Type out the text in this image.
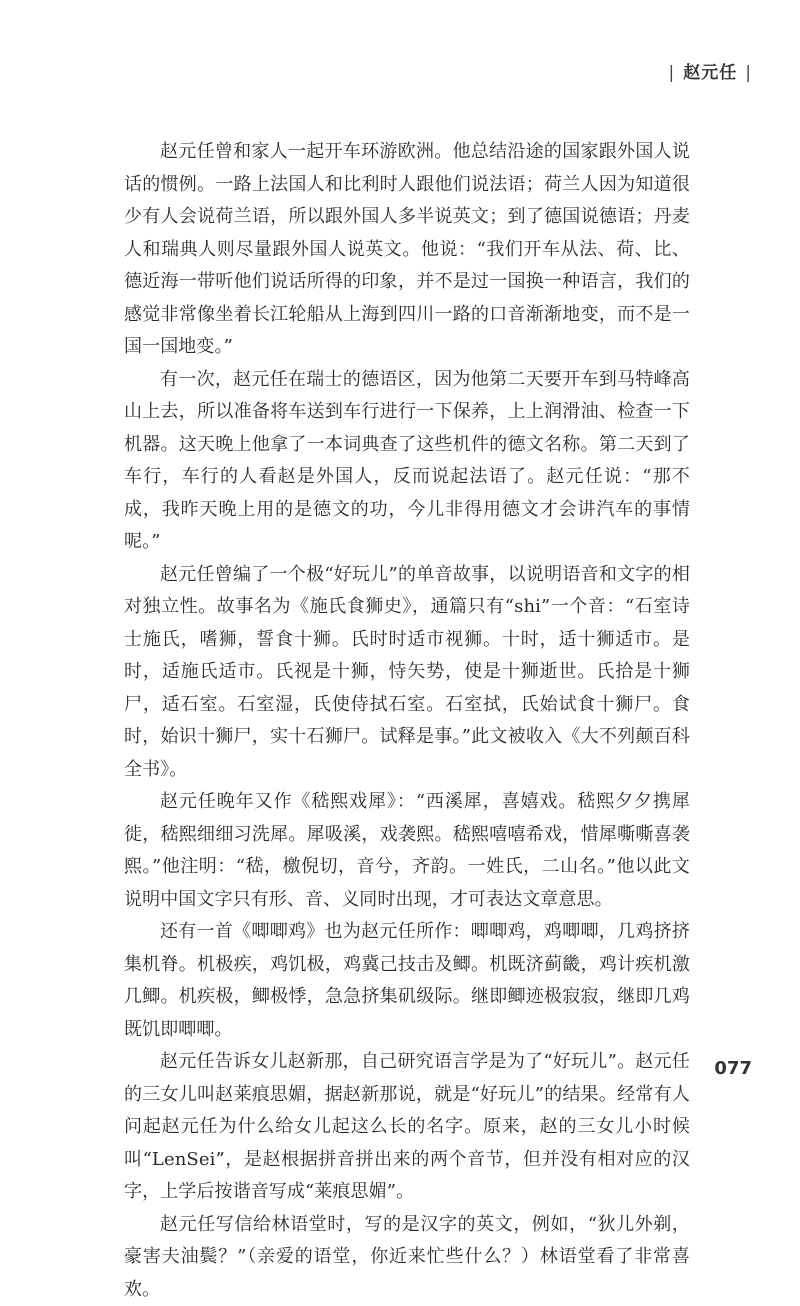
| 赵元任 |

赵元任曾和家人一起开车环游欧洲。他总结沿途的国家跟外国人说话的惯例。一路上法国人和比利时人跟他们说法语；荷兰人因为知道很少有人会说荷兰语，所以跟外国人多半说英文；到了德国说德语；丹麦人和瑞典人则尽量跟外国人说英文。他说：“我们开车从法、荷、比、德近海一带听他们说话所得的印象，并不是过一国换一种语言，我们的感觉非常像坐着长江轮船从上海到四川一路的口音渐渐地变，而不是一国一国地变。”

有一次，赵元任在瑞士的德语区，因为他第二天要开车到马特峰高山上去，所以准备将车送到车行进行一下保养，上上润滑油、检查一下机器。这天晚上他拿了一本词典查了这些机件的德文名称。第二天到了车行，车行的人看赵是外国人，反而说起法语了。赵元任说：“那不成，我昨天晚上用的是德文的功，今儿非得用德文才会讲汽车的事情呢。”

赵元任曾编了一个极“好玩儿”的单音故事，以说明语音和文字的相对独立性。故事名为《施氏食狮史》，通篇只有“shi”一个音：“石室诗士施氏，嗜狮，誓食十狮。氏时时适市视狮。十时，适十狮适市。是时，适施氏适市。氏视是十狮，恃矢势，使是十狮逝世。氏拾是十狮尸，适石室。石室湿，氏使侍拭石室。石室拭，氏始试食十狮尸。食时，始识十狮尸，实十石狮尸。试释是事。”此文被收入《大不列颠百科全书》。

赵元任晚年又作《嵇熙戏犀》：“西溪犀，喜嬉戏。嵇熙夕夕携犀徙，嵇熙细细习洗犀。犀吸溪，戏袭熙。嵇熙嘻嘻希戏，惜犀嘶嘶喜袭熙。”他注明：“嵇，檄倪切，音兮，齐韵。一姓氏，二山名。”他以此文说明中国文字只有形、音、义同时出现，才可表达文章意思。

还有一首《唧唧鸡》也为赵元任所作：唧唧鸡，鸡唧唧，几鸡挤挤集机脊。机极疾，鸡饥极，鸡冀己技击及鲫。机既济蓟畿，鸡计疾机激几鲫。机疾极，鲫极悸，急急挤集矶级际。继即鲫迹极寂寂，继即几鸡既饥即唧唧。

赵元任告诉女儿赵新那，自己研究语言学是为了“好玩儿”。赵元任的三女儿叫赵莱痕思媚，据赵新那说，就是“好玩儿”的结果。经常有人问起赵元任为什么给女儿起这么长的名字。原来，赵的三女儿小时候叫“LenSei”，是赵根据拼音拼出来的两个音节，但并没有相对应的汉字，上学后按谐音写成“莱痕思媚”。

赵元任写信给林语堂时，写的是汉字的英文，例如，“狄儿外剃，豪害夫油鬓？”（亲爱的语堂，你近来忙些什么？）林语堂看了非常喜欢。

077
